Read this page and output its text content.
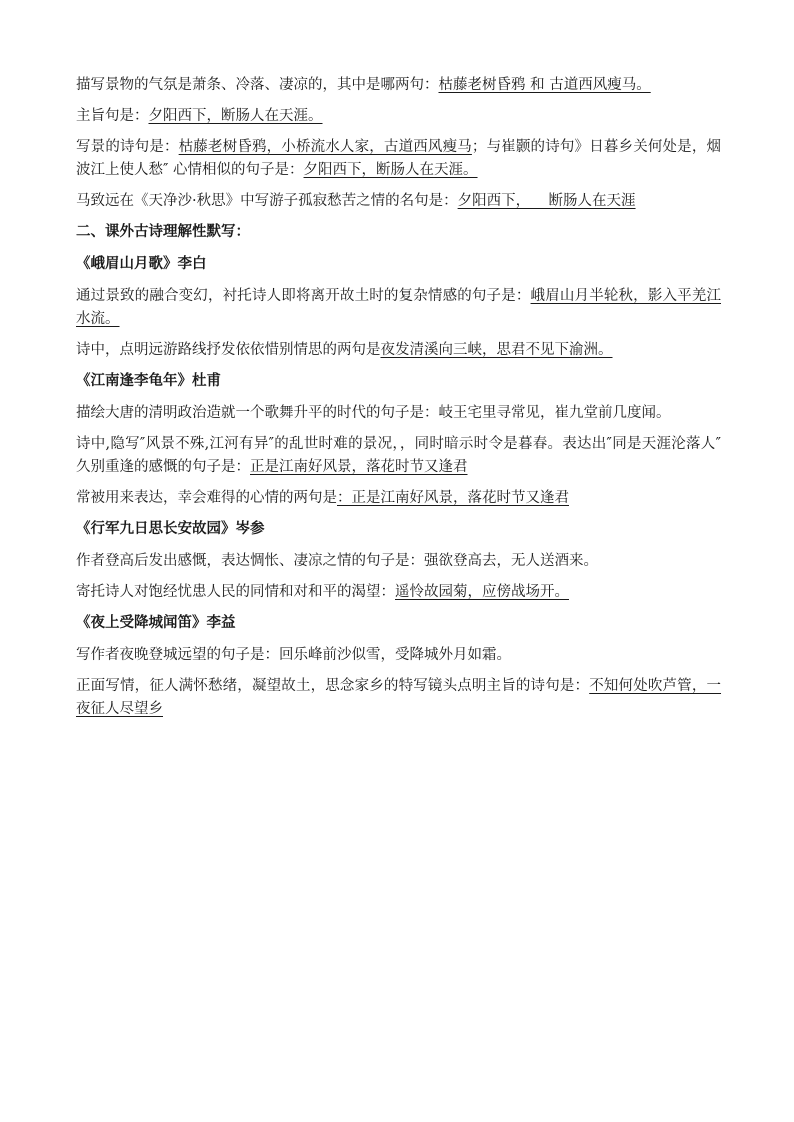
描写景物的气氛是萧条、冷落、凄凉的，其中是哪两句：枯藤老树昏鸦 和 古道西风瘦马。

主旨句是：夕阳西下，断肠人在天涯。

写景的诗句是：枯藤老树昏鸦，小桥流水人家，古道西风瘦马；与崔颢的诗句》日暮乡关何处是，烟波江上使人愁″ 心情相似的句子是：夕阳西下，断肠人在天涯。

马致远在《天净沙·秋思》中写游子孤寂愁苦之情的名句是：夕阳西下，    断肠人在天涯

二、课外古诗理解性默写：

《峨眉山月歌》李白

通过景致的融合变幻，衬托诗人即将离开故土时的复杂情感的句子是：峨眉山月半轮秋，影入平羌江水流。

诗中，点明远游路线抒发依依惜别情思的两句是夜发清溪向三峡，思君不见下渝洲。

《江南逢李龟年》杜甫

描绘大唐的清明政治造就一个歌舞升平的时代的句子是：岐王宅里寻常见，崔九堂前几度闻。

诗中,隐写″风景不殊,江河有异″的乱世时难的景况，，同时暗示时令是暮春。表达出″同是天涯沦落人″久别重逢的感慨的句子是：正是江南好风景，落花时节又逢君

常被用来表达，幸会难得的心情的两句是：正是江南好风景，落花时节又逢君

《行军九日思长安故园》岑参

作者登高后发出感慨，表达惆怅、凄凉之情的句子是：强欲登高去，无人送酒来。

寄托诗人对饱经忧患人民的同情和对和平的渴望：遥怜故园菊，应傍战场开。

《夜上受降城闻笛》李益

写作者夜晚登城远望的句子是：回乐峰前沙似雪，受降城外月如霜。

正面写情，征人满怀愁绪，凝望故土，思念家乡的特写镜头点明主旨的诗句是：不知何处吹芦管，一夜征人尽望乡
